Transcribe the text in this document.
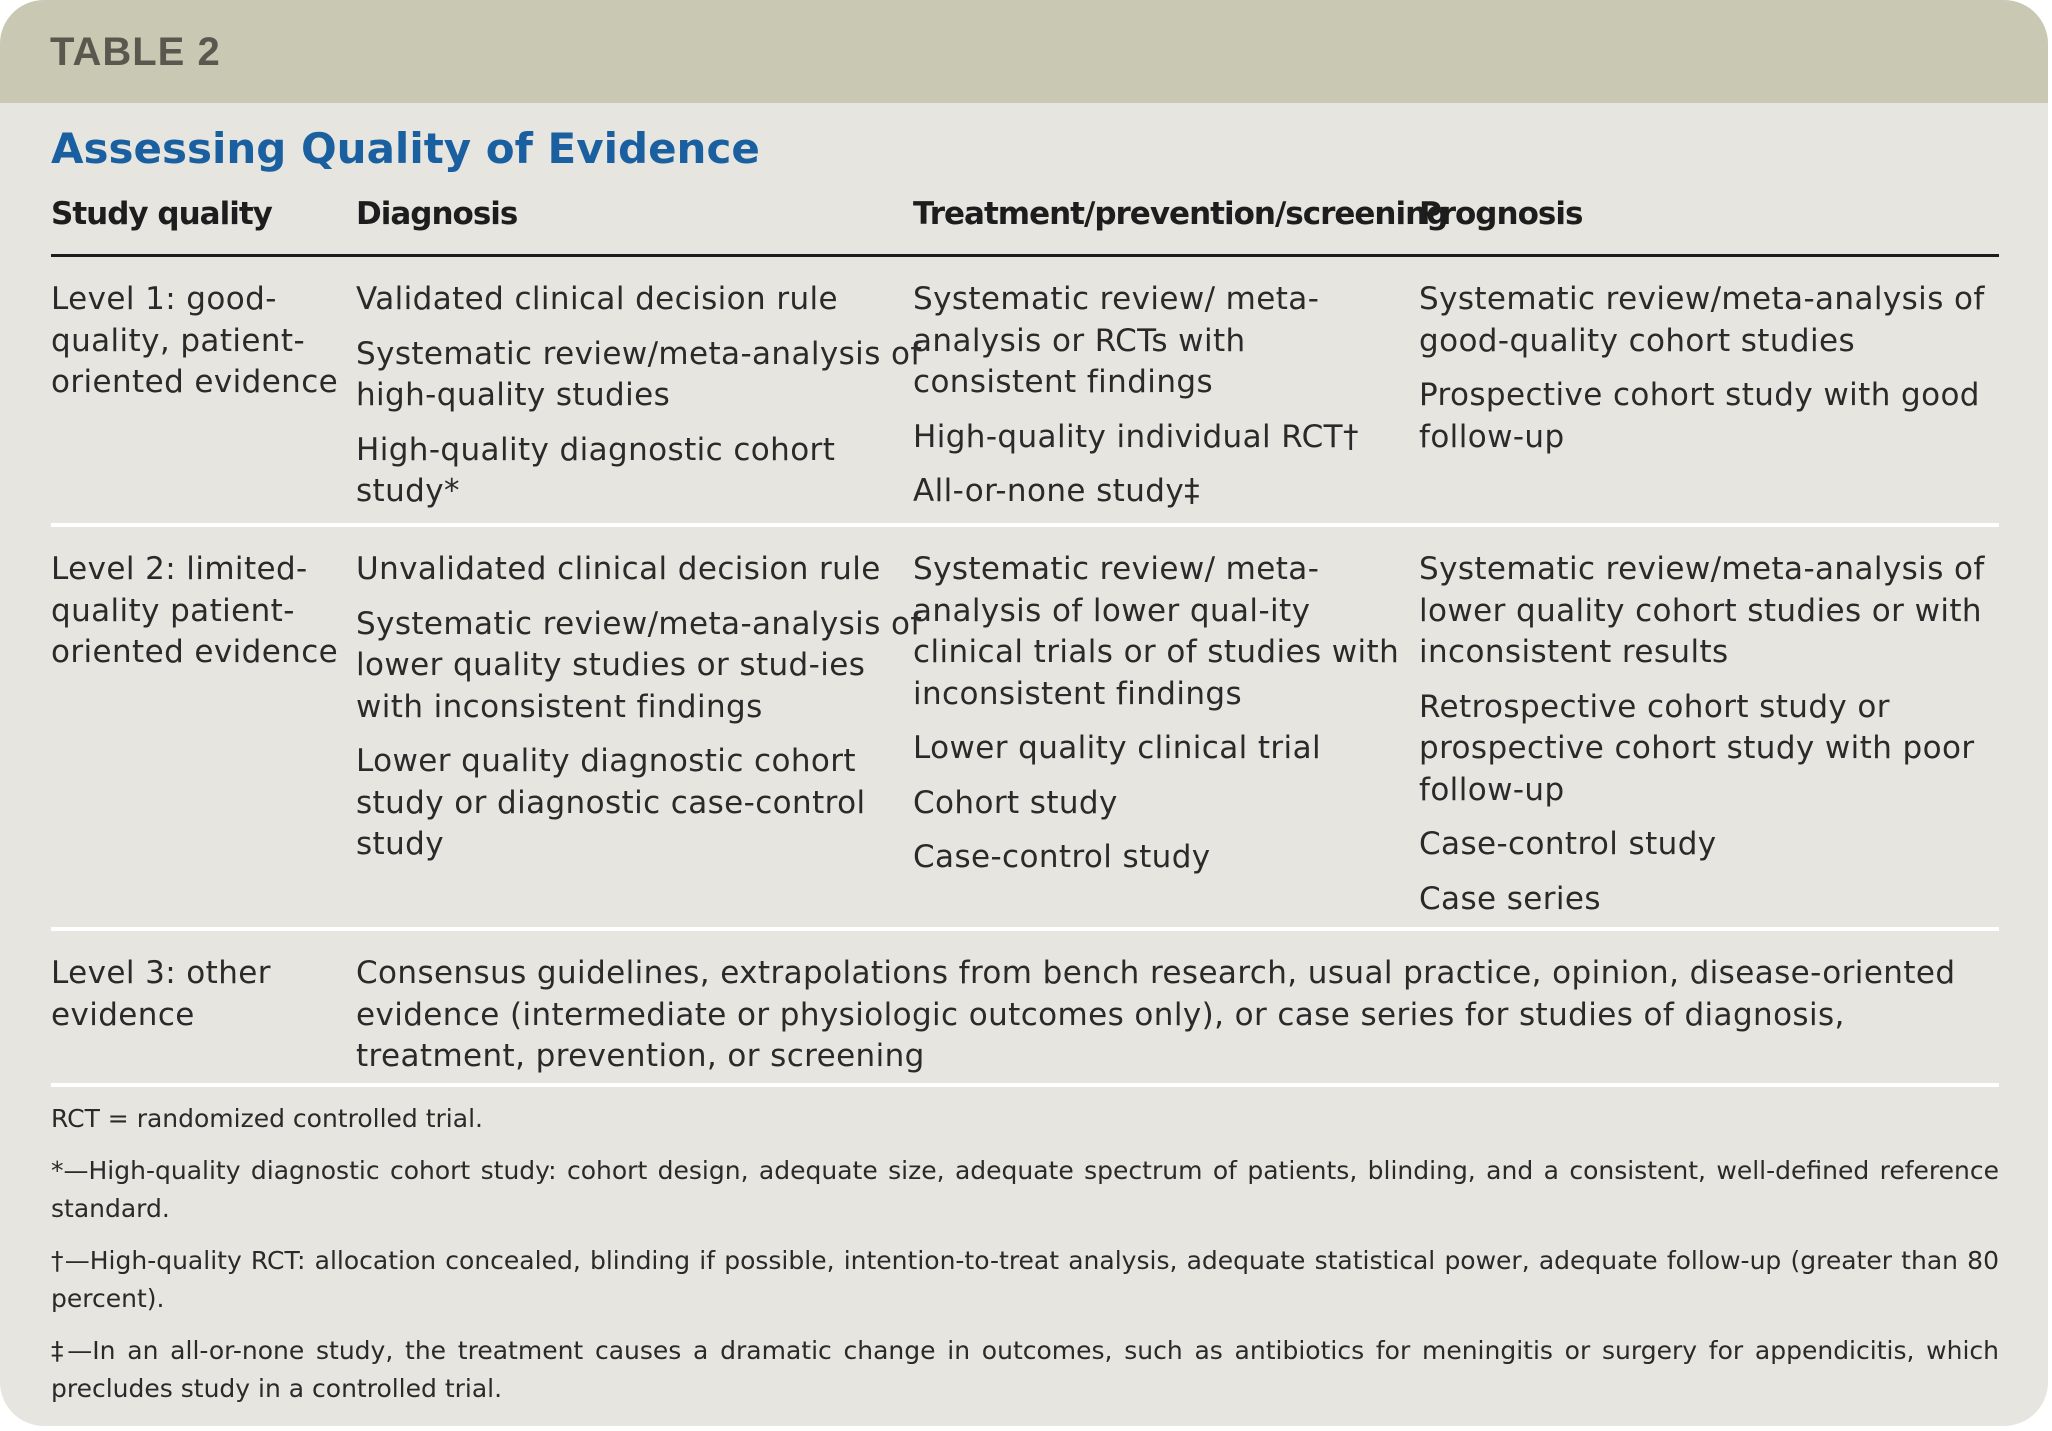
TABLE 2
Assessing Quality of Evidence
Study quality	Diagnosis	Treatment/prevention/screening
Prognosis
Level 1: good-quality, patient-oriented evidence

Validated clinical decision rule

Systematic review/meta-analysis of high-quality studies

High-quality diagnostic cohort study*

Systematic review/ meta-analysis or RCTs with consistent findings

High-quality individual RCT†

All-or-none study‡

Systematic review/meta-analysis of good-quality cohort studies

Prospective cohort study with good follow-up

Level 2: limited-quality patient-oriented evidence

Unvalidated clinical decision rule

Systematic review/meta-analysis of lower quality studies or stud-ies with inconsistent findings

Lower quality diagnostic cohort study or diagnostic case-control study

Systematic review/ meta-analysis of lower qual-ity clinical trials or of studies with inconsistent findings

Lower quality clinical trial

Cohort study

Case-control study

Systematic review/meta-analysis of lower quality cohort studies or with inconsistent results

Retrospective cohort study or prospective cohort study with poor follow-up

Case-control study

Case series

Level 3: other evidence
Consensus guidelines, extrapolations from bench research, usual practice, opinion, disease-oriented evidence (intermediate or physiologic outcomes only), or case series for studies of diagnosis, treatment, prevention, or screening

RCT = randomized controlled trial.

*—High-quality diagnostic cohort study: cohort design, adequate size, adequate spectrum of patients, blinding, and a consistent, well-defined reference standard.

†—High-quality RCT: allocation concealed, blinding if possible, intention-to-treat analysis, adequate statistical power, adequate follow-up (greater than 80 percent).

‡—In an all-or-none study, the treatment causes a dramatic change in outcomes, such as antibiotics for meningitis or surgery for appendicitis, which precludes study in a controlled trial.
